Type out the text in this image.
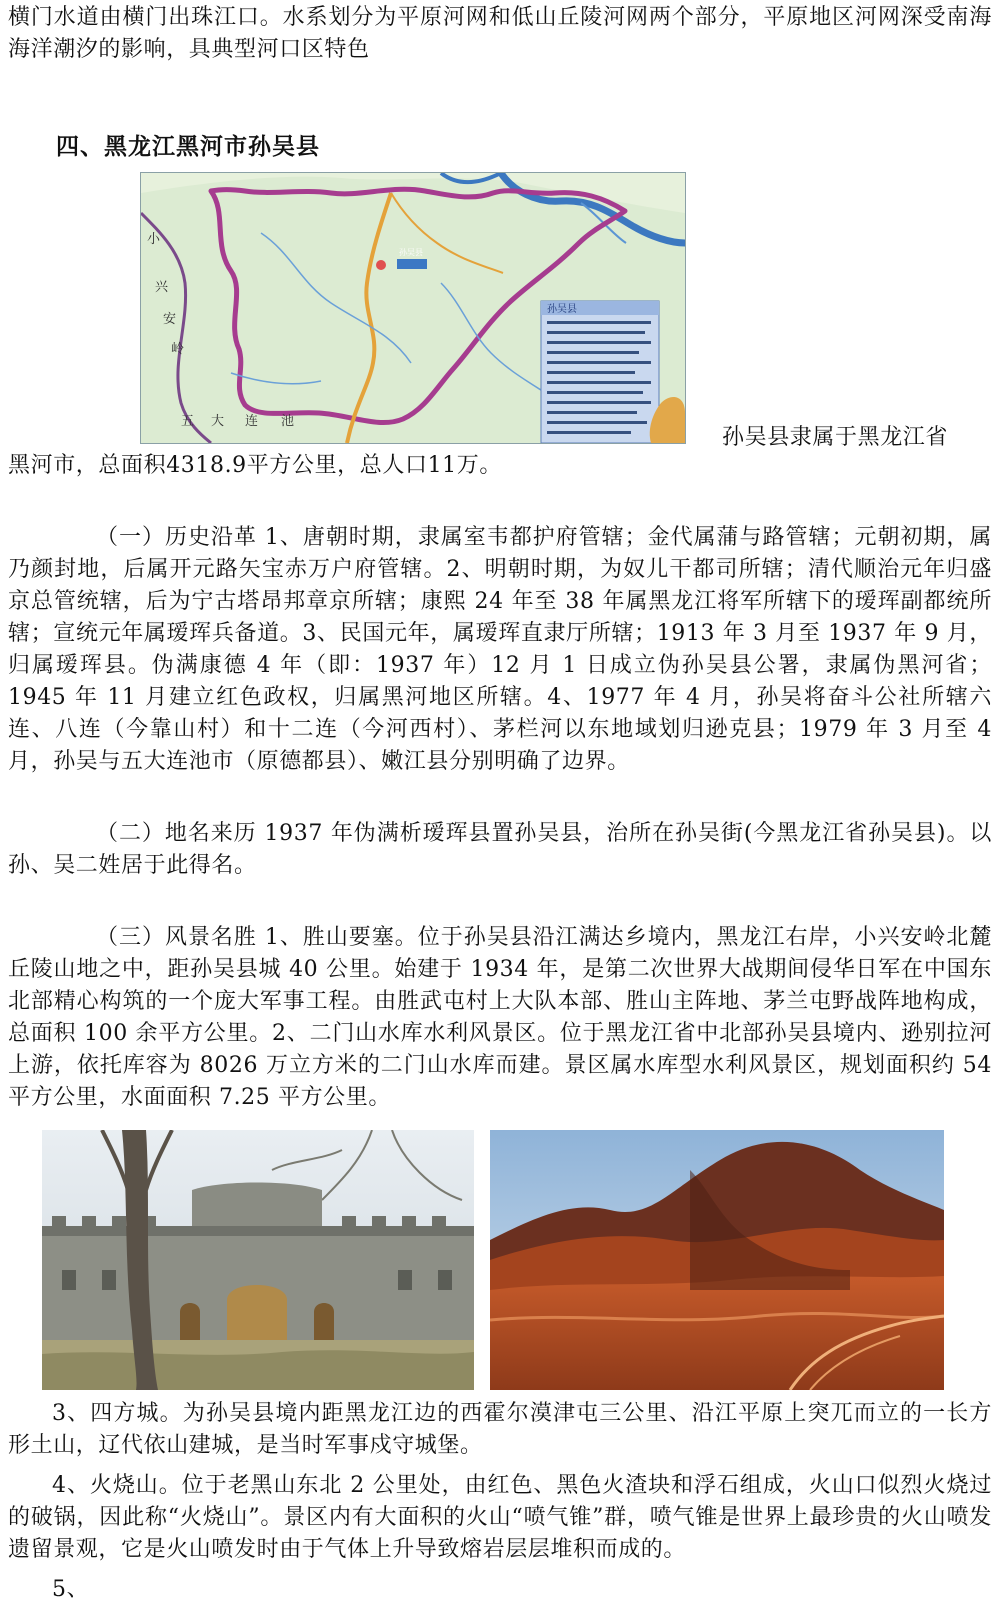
横门水道由横门出珠江口。水系划分为平原河网和低山丘陵河网两个部分，平原地区河网深受南海海洋潮汐的影响，具典型河口区特色

四、黑龙江黑河市孙吴县
孙吴县
小
兴
安
岭
五 大 连 池
孙吴县

孙吴县隶属于黑龙江省

黑河市，总面积4318.9平方公里，总人口11万。

（一）历史沿革 1、唐朝时期，隶属室韦都护府管辖；金代属蒲与路管辖；元朝初期，属乃颜封地，后属开元路矢宝赤万户府管辖。2、明朝时期，为奴儿干都司所辖；清代顺治元年归盛京总管统辖，后为宁古塔昂邦章京所辖；康熙 24 年至 38 年属黑龙江将军所辖下的瑷珲副都统所辖；宣统元年属瑷珲兵备道。3、民国元年，属瑷珲直隶厅所辖；1913 年 3 月至 1937 年 9 月，归属瑷珲县。伪满康德 4 年（即：1937 年）12 月 1 日成立伪孙吴县公署，隶属伪黑河省；1945 年 11 月建立红色政权，归属黑河地区所辖。4、1977 年 4 月，孙吴将奋斗公社所辖六连、八连（今靠山村）和十二连（今河西村）、茅栏河以东地域划归逊克县；1979 年 3 月至 4 月，孙吴与五大连池市（原德都县）、嫩江县分别明确了边界。

（二）地名来历 1937 年伪满析瑷珲县置孙吴县，治所在孙吴街(今黑龙江省孙吴县)。以孙、吴二姓居于此得名。

（三）风景名胜 1、胜山要塞。位于孙吴县沿江满达乡境内，黑龙江右岸，小兴安岭北麓丘陵山地之中，距孙吴县城 40 公里。始建于 1934 年，是第二次世界大战期间侵华日军在中国东北部精心构筑的一个庞大军事工程。由胜武屯村上大队本部、胜山主阵地、茅兰屯野战阵地构成，总面积 100 余平方公里。2、二门山水库水利风景区。位于黑龙江省中北部孙吴县境内、逊别拉河上游，依托库容为 8026 万立方米的二门山水库而建。景区属水库型水利风景区，规划面积约 54 平方公里，水面面积 7.25 平方公里。

3、四方城。为孙吴县境内距黑龙江边的西霍尔漠津屯三公里、沿江平原上突兀而立的一长方形土山，辽代依山建城，是当时军事戍守城堡。

4、火烧山。位于老黑山东北 2 公里处，由红色、黑色火渣块和浮石组成，火山口似烈火烧过的破锅，因此称“火烧山”。景区内有大面积的火山“喷气锥”群，喷气锥是世界上最珍贵的火山喷发遗留景观，它是火山喷发时由于气体上升导致熔岩层层堆积而成的。

5、
